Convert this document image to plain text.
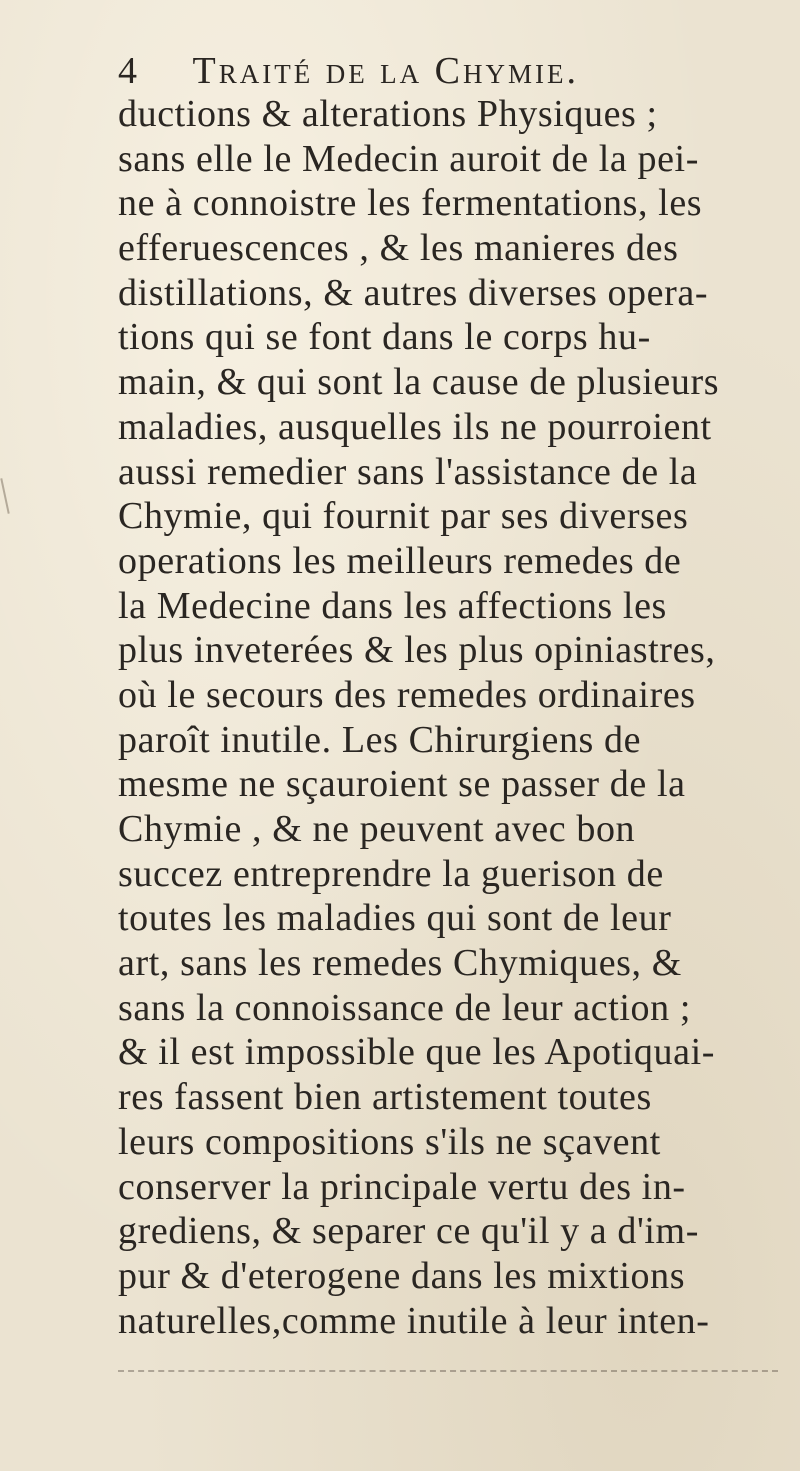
4 Traité de la Chymie.
ductions & alterations Physiques ;
sans elle le Medecin auroit de la pei-
ne à connoistre les fermentations, les
efferuescences , & les manieres des
distillations, & autres diverses opera-
tions qui se font dans le corps hu-
main, & qui sont la cause de plusieurs
maladies, ausquelles ils ne pourroient
aussi remedier sans l'assistance de la
Chymie, qui fournit par ses diverses
operations les meilleurs remedes de
la Medecine dans les affections les
plus inveterées & les plus opiniastres,
où le secours des remedes ordinaires
paroît inutile. Les Chirurgiens de
mesme ne sçauroient se passer de la
Chymie , & ne peuvent avec bon
succez entreprendre la guerison de
toutes les maladies qui sont de leur
art, sans les remedes Chymiques, &
sans la connoissance de leur action ;
& il est impossible que les Apotiquai-
res fassent bien artistement toutes
leurs compositions s'ils ne sçavent
conserver la principale vertu des in-
grediens, & separer ce qu'il y a d'im-
pur & d'eterogene dans les mixtions
naturelles,comme inutile à leur inten-
